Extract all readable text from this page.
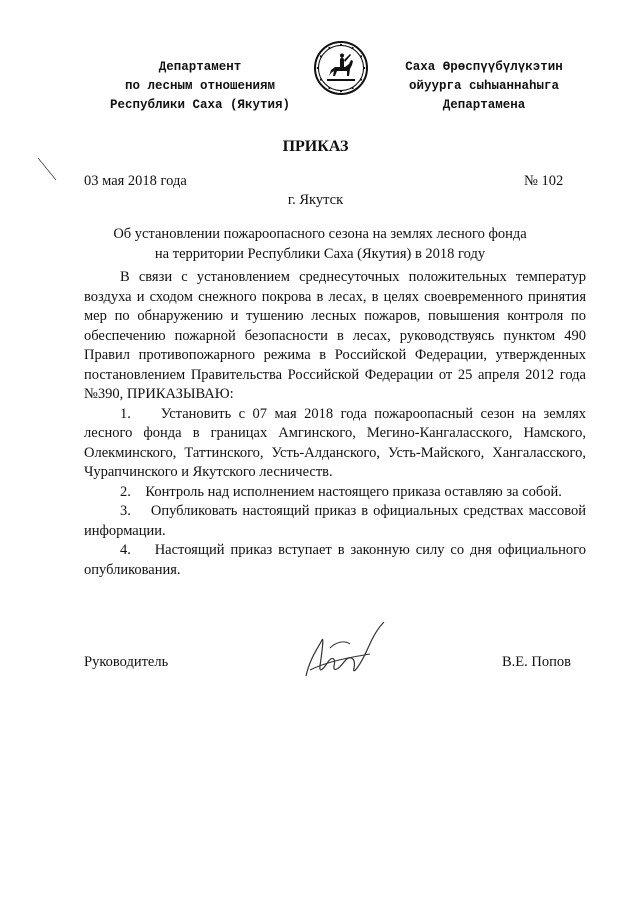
Департамент
по лесным отношениям
Республики Саха (Якутия)
Саха Өрөспүүбүлүкэтин
ойуурга сыһыаннаһыга
Департамена
ПРИКАЗ
03 мая 2018 года	№ 102
г. Якутск
Об установлении пожароопасного сезона на землях лесного фонда
на территории Республики Саха (Якутия) в 2018 году

В связи с установлением среднесуточных положительных температур воздуха и сходом снежного покрова в лесах, в целях своевременного принятия мер по обнаружению и тушению лесных пожаров, повышения контроля по обеспечению пожарной безопасности в лесах, руководствуясь пунктом 490 Правил противопожарного режима в Российской Федерации, утвержденных постановлением Правительства Российской Федерации от 25 апреля 2012 года №390, ПРИКАЗЫВАЮ:

1. Установить с 07 мая 2018 года пожароопасный сезон на землях лесного фонда в границах Амгинского, Мегино-Кангаласского, Намского, Олекминского, Таттинского, Усть-Алданского, Усть-Майского, Хангаласского, Чурапчинского и Якутского лесничеств.

2. Контроль над исполнением настоящего приказа оставляю за собой.

3. Опубликовать настоящий приказ в официальных средствах массовой информации.

4. Настоящий приказ вступает в законную силу со дня официального опубликования.

Руководитель	В.Е. Попов
